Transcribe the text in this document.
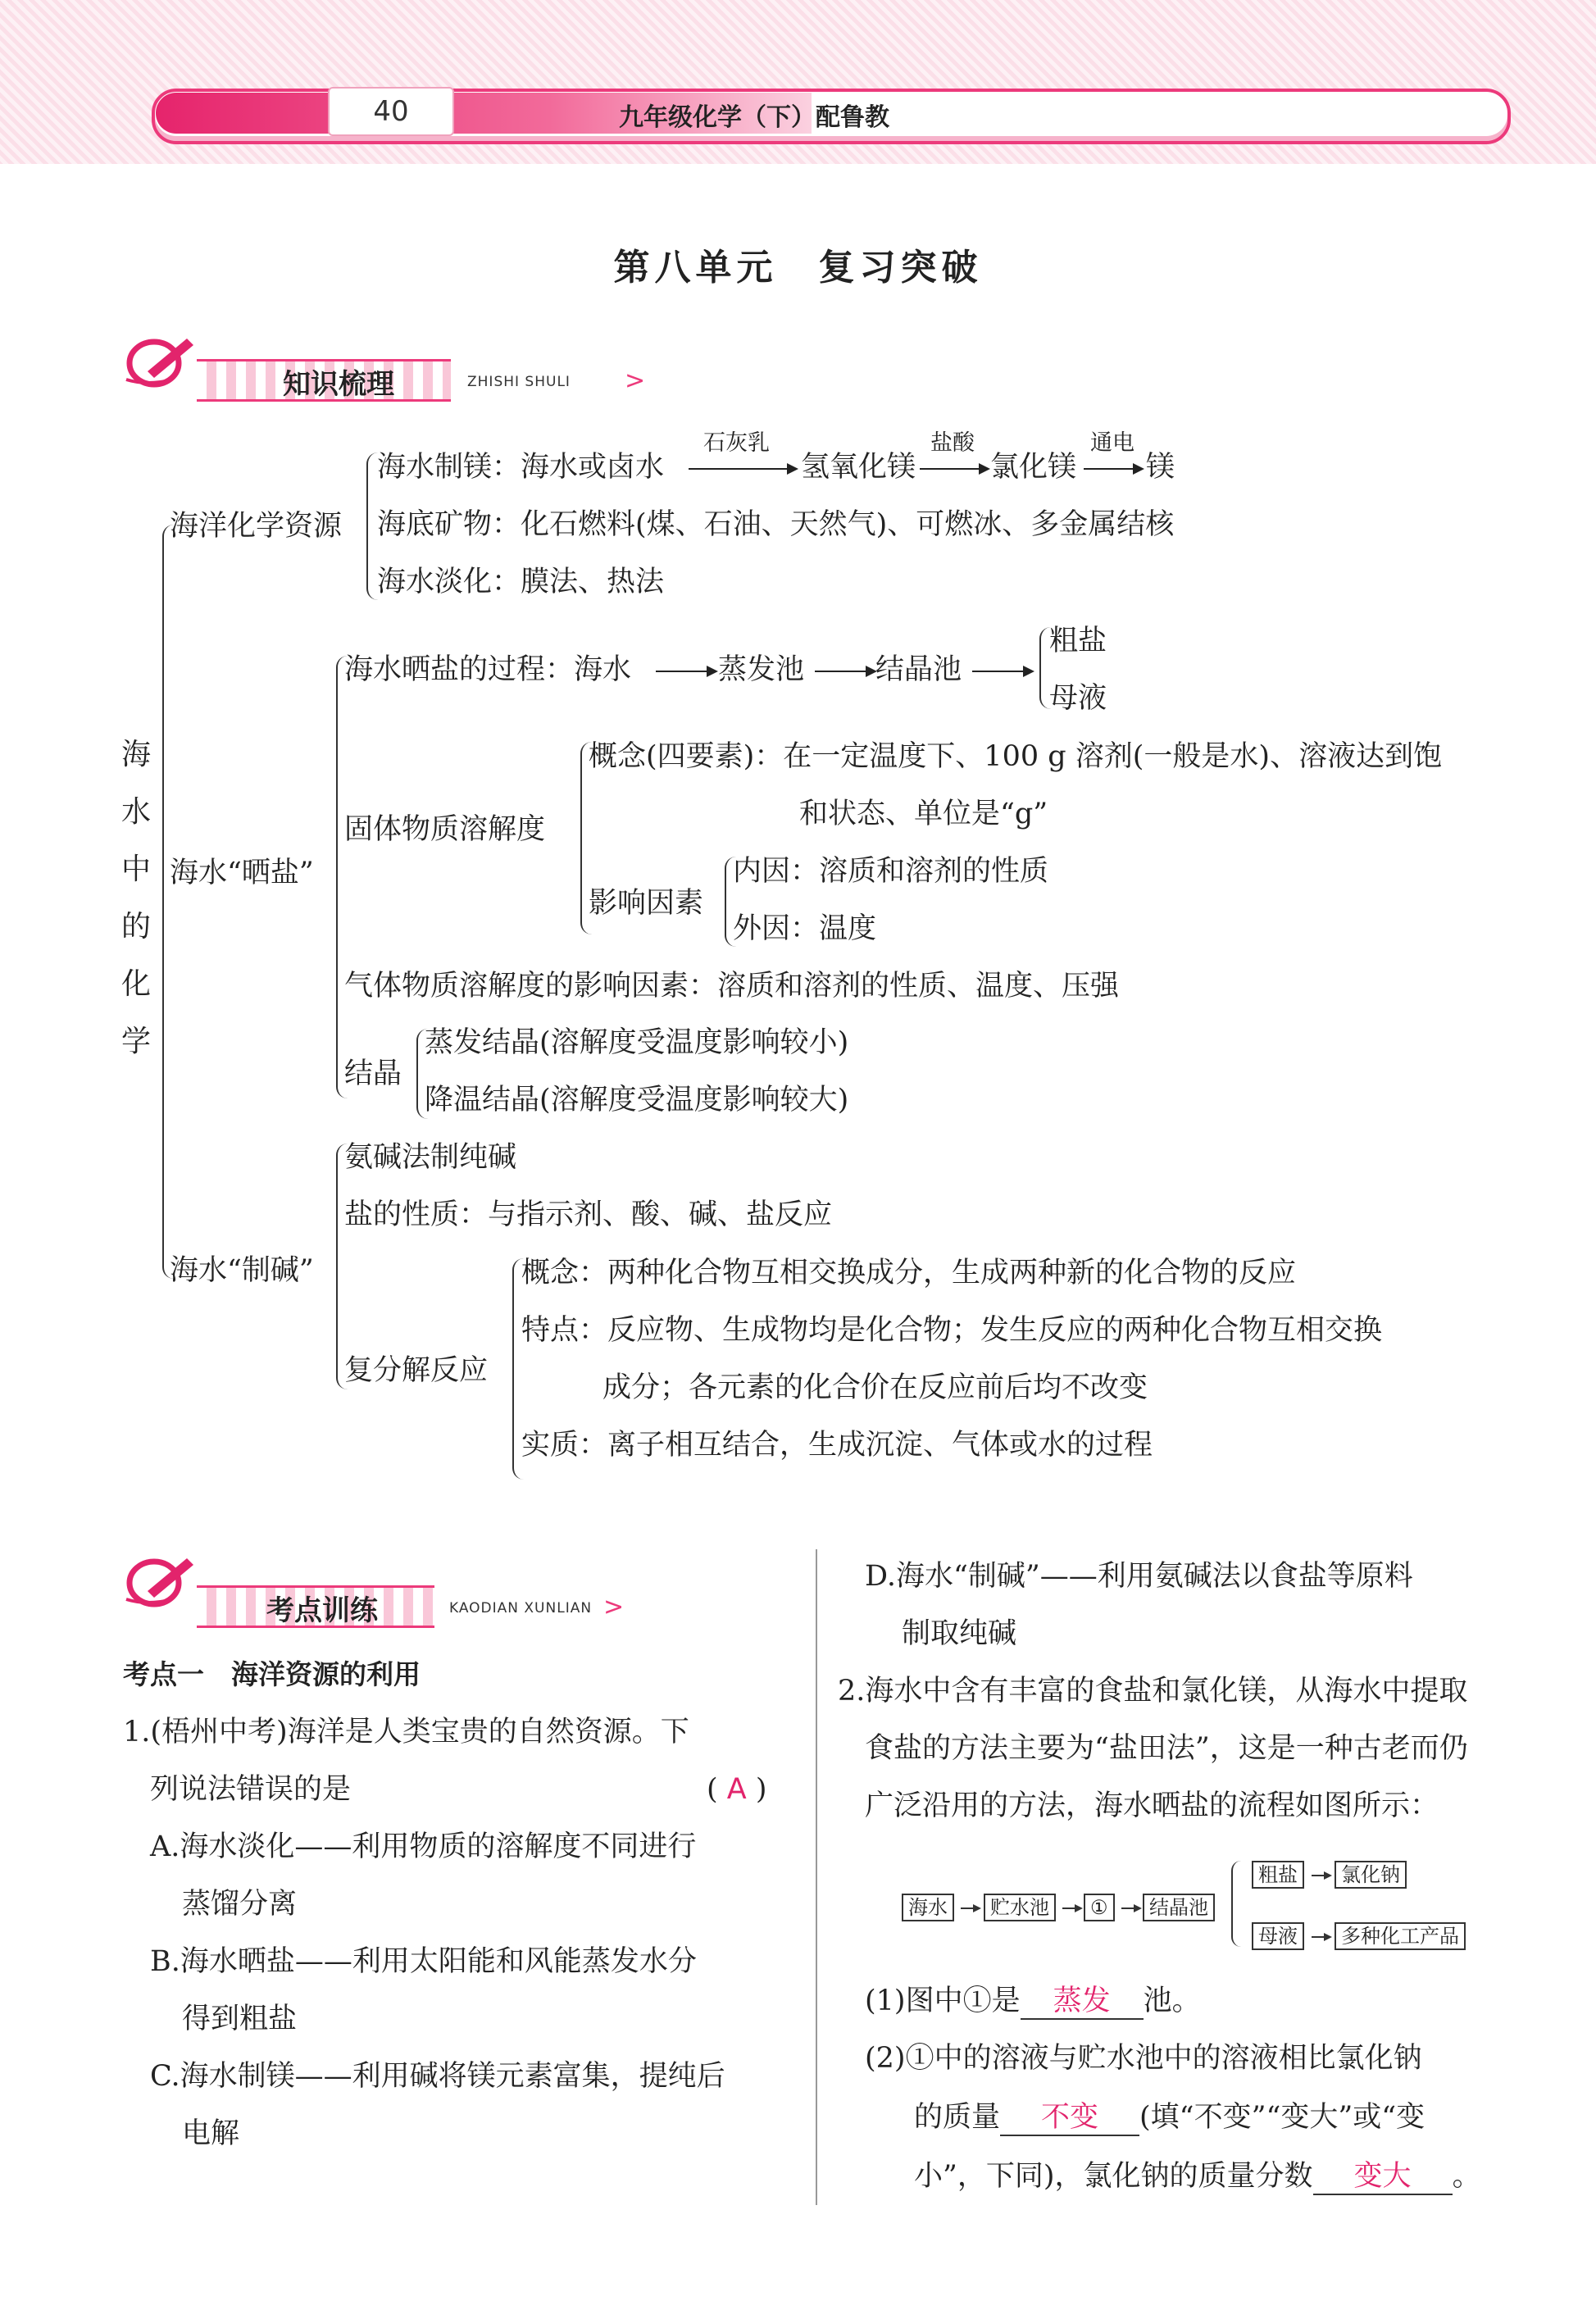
40	九年级化学（下）配鲁教
第八单元　复习突破
知识梳理	ZHISHI SHULI >
海
水
中
的
化
学
海洋化学资源
海水制镁：海水或卤水
石灰乳
氢氧化镁
盐酸
氯化镁
通电
镁
海底矿物：化石燃料(煤、石油、天然气)、可燃冰、多金属结核
海水淡化：膜法、热法
海水“晒盐”
海水晒盐的过程：海水	蒸发池 结晶池
粗盐
母液
固体物质溶解度
概念(四要素)：在一定温度下、100 g 溶剂(一般是水)、溶液达到饱
和状态、单位是“g”
影响因素
内因：溶质和溶剂的性质
外因：温度
气体物质溶解度的影响因素：溶质和溶剂的性质、温度、压强
结晶
蒸发结晶(溶解度受温度影响较小)
降温结晶(溶解度受温度影响较大)
海水“制碱”
氨碱法制纯碱
盐的性质：与指示剂、酸、碱、盐反应
复分解反应
概念：两种化合物互相交换成分，生成两种新的化合物的反应
特点：反应物、生成物均是化合物；发生反应的两种化合物互相交换
成分；各元素的化合价在反应前后均不改变
实质：离子相互结合，生成沉淀、气体或水的过程
考点训练	KAODIAN XUNLIAN >
考点一　海洋资源的利用
1.(梧州中考)海洋是人类宝贵的自然资源。下
列说法错误的是	( A )
A.海水淡化——利用物质的溶解度不同进行
蒸馏分离
B.海水晒盐——利用太阳能和风能蒸发水分
得到粗盐
C.海水制镁——利用碱将镁元素富集，提纯后
电解
D.海水“制碱”——利用氨碱法以食盐等原料
制取纯碱
2.海水中含有丰富的食盐和氯化镁，从海水中提取
食盐的方法主要为“盐田法”，这是一种古老而仍
广泛沿用的方法，海水晒盐的流程如图所示：
海水	贮水池	①	结晶池
粗盐	氯化钠
母液	多种化工产品
(1)图中①是 蒸发 池。
(2)①中的溶液与贮水池中的溶液相比氯化钠
的质量 不变 (填“不变”“变大”或“变
小”，下同)，氯化钠的质量分数 变大 。
